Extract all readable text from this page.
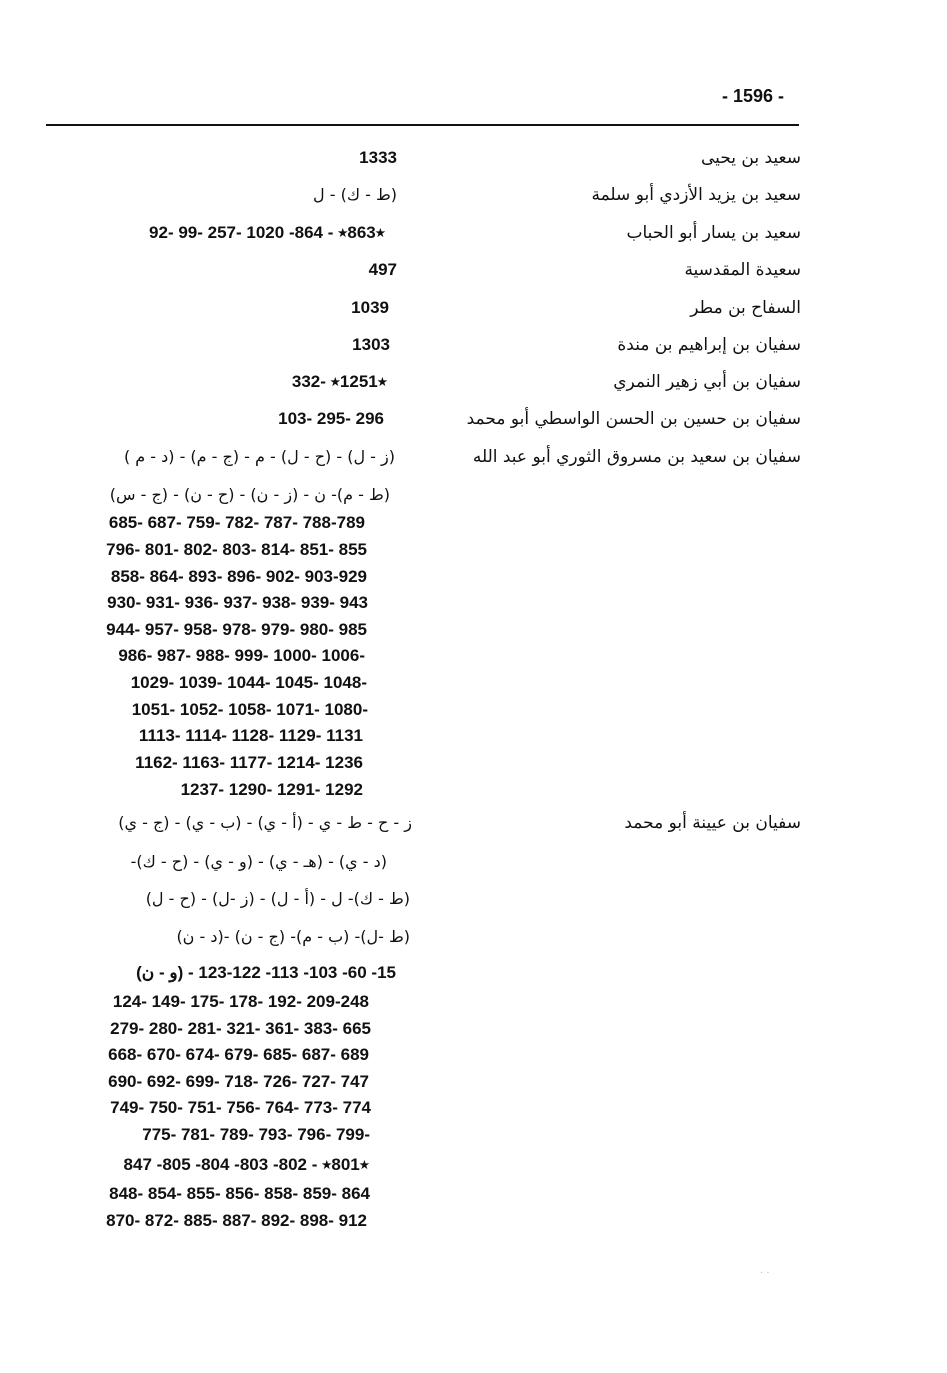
- 1596 -
سعيد بن يحيى
1333
سعيد بن يزيد الأزدي أبو سلمة
(ط - ك) - ل
سعيد بن يسار أبو الحباب
92- 99- 257- ٭863٭ - 864- 1020
سعيدة المقدسية
497
السفاح بن مطر
1039
سفيان بن إبراهيم بن مندة
1303
سفيان بن أبي زهير النمري
332- ٭1251٭
سفيان بن حسين بن الحسن الواسطي أبو محمد
103- 295- 296
سفيان بن سعيد بن مسروق الثوري أبو عبد الله
(ز - ل) - (ح - ل) - م - (ج - م) - (د - م )
(ط - م)- ن - (ز - ن) - (ح - ن) - (ج - س)
685- 687- 759- 782- 787- 788-789
796- 801- 802- 803- 814- 851- 855
858- 864- 893- 896- 902- 903-929
930- 931- 936- 937- 938- 939- 943
944- 957- 958- 978- 979- 980- 985
986- 987- 988- 999- 1000- 1006-
1029- 1039- 1044- 1045- 1048-
1051- 1052- 1058- 1071- 1080-
1113- 1114- 1128- 1129- 1131
1162- 1163- 1177- 1214- 1236
1237- 1290- 1291- 1292
سفيان بن عيينة أبو محمد
ز - ح - ط - ي - (أ - ي) - (ب - ي) - (ج - ي)
(د - ي) - (هـ - ي) - (و - ي) - (ح - ك)-
(ط - ك)- ل - (أ - ل) - (ز -ل) - (ح - ل)
(ط -ل)- (ب - م)- (ج - ن) -(د - ن)
(و - ن) - 15- 60- 103- 113- 122-123
124- 149- 175- 178- 192- 209-248
279- 280- 281- 321- 361- 383- 665
668- 670- 674- 679- 685- 687- 689
690- 692- 699- 718- 726- 727- 747
749- 750- 751- 756- 764- 773- 774
775- 781- 789- 793- 796- 799-
٭801٭ - 802- 803- 804- 805- 847
848- 854- 855- 856- 858- 859- 864
870- 872- 885- 887- 892- 898- 912
· ·
